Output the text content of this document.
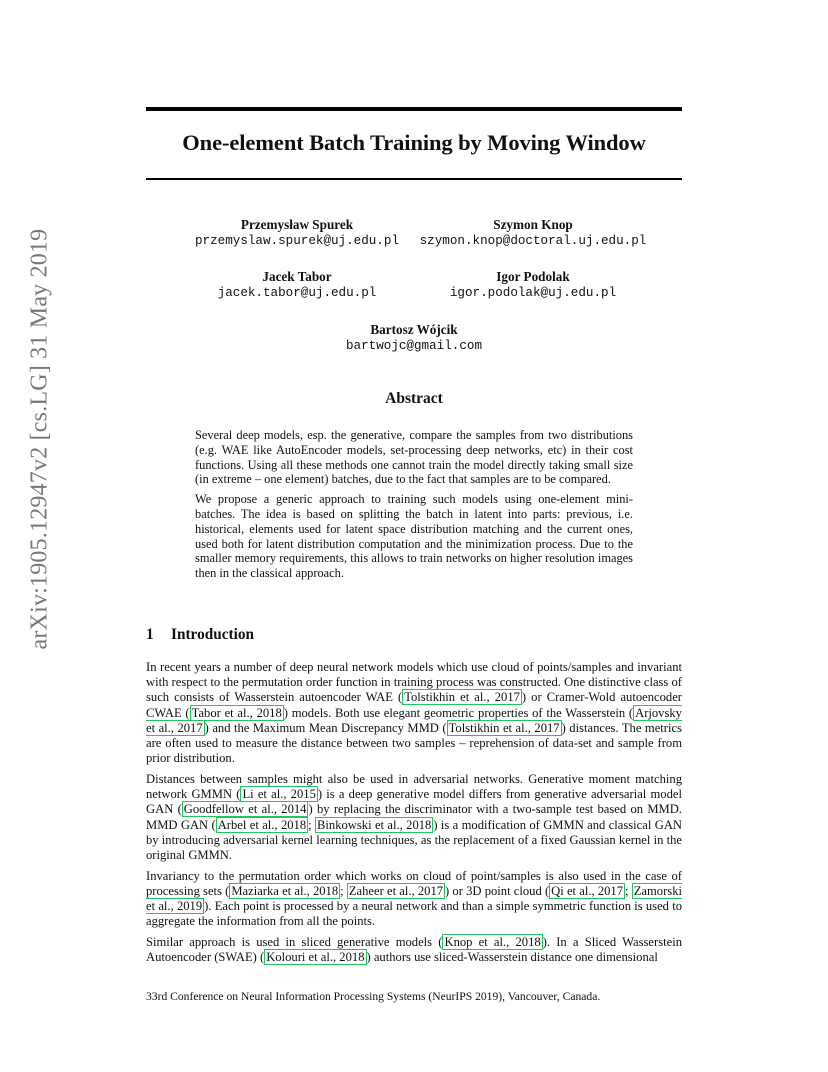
arXiv:1905.12947v2 [cs.LG] 31 May 2019
One-element Batch Training by Moving Window
Przemysław Spurek
przemyslaw.spurek@uj.edu.pl
Szymon Knop
szymon.knop@doctoral.uj.edu.pl
Jacek Tabor
jacek.tabor@uj.edu.pl
Igor Podolak
igor.podolak@uj.edu.pl
Bartosz Wójcik
bartwojc@gmail.com
Abstract

Several deep models, esp. the generative, compare the samples from two distributions (e.g. WAE like AutoEncoder models, set-processing deep networks, etc) in their cost functions. Using all these methods one cannot train the model directly taking small size (in extreme – one element) batches, due to the fact that samples are to be compared.

We propose a generic approach to training such models using one-element mini-batches. The idea is based on splitting the batch in latent into parts: previous, i.e. historical, elements used for latent space distribution matching and the current ones, used both for latent distribution computation and the minimization process. Due to the smaller memory requirements, this allows to train networks on higher resolution images then in the classical approach.

1 Introduction

In recent years a number of deep neural network models which use cloud of points/samples and invariant with respect to the permutation order function in training process was constructed. One distinctive class of such consists of Wasserstein autoencoder WAE ( Tolstikhin et al., 2017 ) or Cramer-Wold autoencoder CWAE ( Tabor et al., 2018 ) models. Both use elegant geometric properties of the Wasserstein ( Arjovsky et al., 2017 ) and the Maximum Mean Discrepancy MMD ( Tolstikhin et al., 2017 ) distances. The metrics are often used to measure the distance between two samples – reprehension of data-set and sample from prior distribution.

Distances between samples might also be used in adversarial networks. Generative moment matching network GMMN ( Li et al., 2015 ) is a deep generative model differs from generative adversarial model GAN ( Goodfellow et al., 2014 ) by replacing the discriminator with a two-sample test based on MMD. MMD GAN ( Arbel et al., 2018 ; Binkowski et al., 2018 ) is a modification of GMMN and classical GAN by introducing adversarial kernel learning techniques, as the replacement of a fixed Gaussian kernel in the original GMMN.

Invariancy to the permutation order which works on cloud of point/samples is also used in the case of processing sets ( Maziarka et al., 2018 ; Zaheer et al., 2017 ) or 3D point cloud ( Qi et al., 2017 ; Zamorski et al., 2019 ). Each point is processed by a neural network and than a simple symmetric function is used to aggregate the information from all the points.

Similar approach is used in sliced generative models ( Knop et al., 2018 ). In a Sliced Wasserstein Autoencoder (SWAE) ( Kolouri et al., 2018 ) authors use sliced-Wasserstein distance one dimensional

33rd Conference on Neural Information Processing Systems (NeurIPS 2019), Vancouver, Canada.
